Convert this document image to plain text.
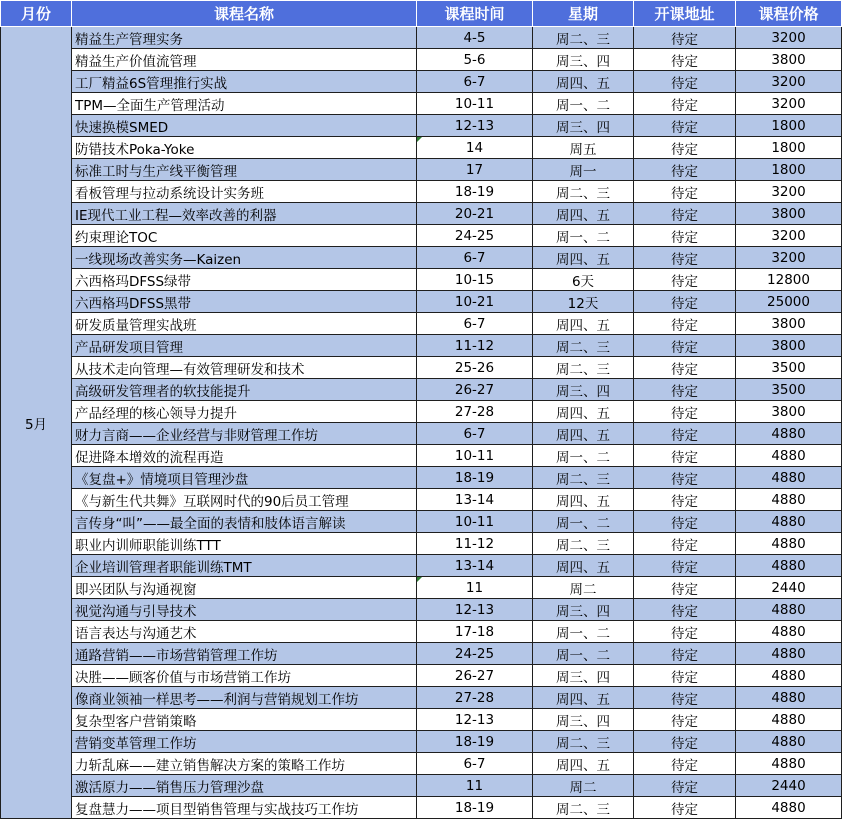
月份	课程名称	课程时间	星期	开课地址	课程价格
5月	精益生产管理实务	4-5	周二、三	待定	3200
	精益生产价值流管理	5-6	周三、四	待定	3800
	工厂精益6S管理推行实战	6-7	周四、五	待定	3200
	TPM—全面生产管理活动	10-11	周一、二	待定	3200
	快速换模SMED	12-13	周三、四	待定	1800
	防错技术Poka-Yoke	14	周五	待定	1800
	标准工时与生产线平衡管理	17	周一	待定	1800
	看板管理与拉动系统设计实务班	18-19	周二、三	待定	3200
	IE现代工业工程—效率改善的利器	20-21	周四、五	待定	3800
	约束理论TOC	24-25	周一、二	待定	3200
	一线现场改善实务—Kaizen	6-7	周四、五	待定	3200
	六西格玛DFSS绿带	10-15	6天	待定	12800
	六西格玛DFSS黑带	10-21	12天	待定	25000
	研发质量管理实战班	6-7	周四、五	待定	3800
	产品研发项目管理	11-12	周二、三	待定	3800
	从技术走向管理—有效管理研发和技术	25-26	周二、三	待定	3500
	高级研发管理者的软技能提升	26-27	周三、四	待定	3500
	产品经理的核心领导力提升	27-28	周四、五	待定	3800
	财力言商——企业经营与非财管理工作坊	6-7	周四、五	待定	4880
	促进降本增效的流程再造	10-11	周一、二	待定	4880
	《复盘+》情境项目管理沙盘	18-19	周二、三	待定	4880
	《与新生代共舞》互联网时代的90后员工管理	13-14	周四、五	待定	4880
	言传身“叫”——最全面的表情和肢体语言解读	10-11	周一、二	待定	4880
	职业内训师职能训练TTT	11-12	周二、三	待定	4880
	企业培训管理者职能训练TMT	13-14	周四、五	待定	4880
	即兴团队与沟通视窗	11	周二	待定	2440
	视觉沟通与引导技术	12-13	周三、四	待定	4880
	语言表达与沟通艺术	17-18	周一、二	待定	4880
	通路营销——市场营销管理工作坊	24-25	周一、二	待定	4880
	决胜——顾客价值与市场营销工作坊	26-27	周三、四	待定	4880
	像商业领袖一样思考——利润与营销规划工作坊	27-28	周四、五	待定	4880
	复杂型客户营销策略	12-13	周三、四	待定	4880
	营销变革管理工作坊	18-19	周二、三	待定	4880
	力斩乱麻——建立销售解决方案的策略工作坊	6-7	周四、五	待定	4880
	激活原力——销售压力管理沙盘	11	周二	待定	2440
	复盘慧力——项目型销售管理与实战技巧工作坊	18-19	周二、三	待定	4880
